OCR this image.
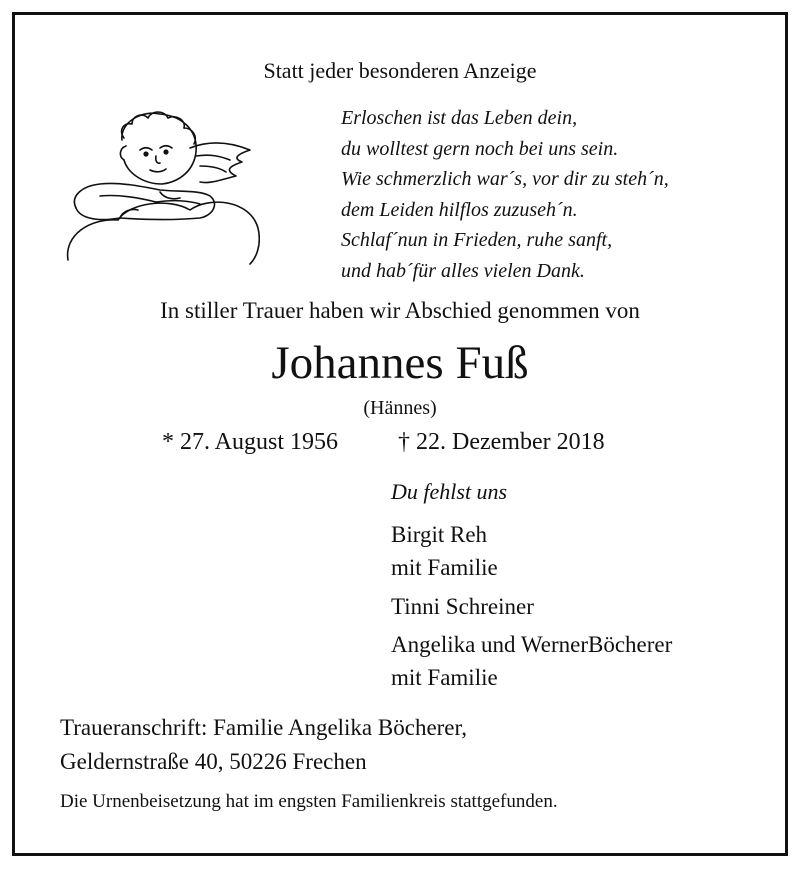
Statt jeder besonderen Anzeige
Erloschen ist das Leben dein,
du wolltest gern noch bei uns sein.
Wie schmerzlich war´s, vor dir zu steh´n,
dem Leiden hilflos zuzuseh´n.
Schlaf´nun in Frieden, ruhe sanft,
und hab´für alles vielen Dank.
In stiller Trauer haben wir Abschied genommen von
Johannes Fuß
(Hännes)
* 27. August 1956 † 22. Dezember 2018
Du fehlst uns
Birgit Reh
mit Familie
Tinni Schreiner
Angelika und WernerBöcherer
mit Familie
Traueranschrift: Familie Angelika Böcherer,
Geldernstraße 40, 50226 Frechen
Die Urnenbeisetzung hat im engsten Familienkreis stattgefunden.
